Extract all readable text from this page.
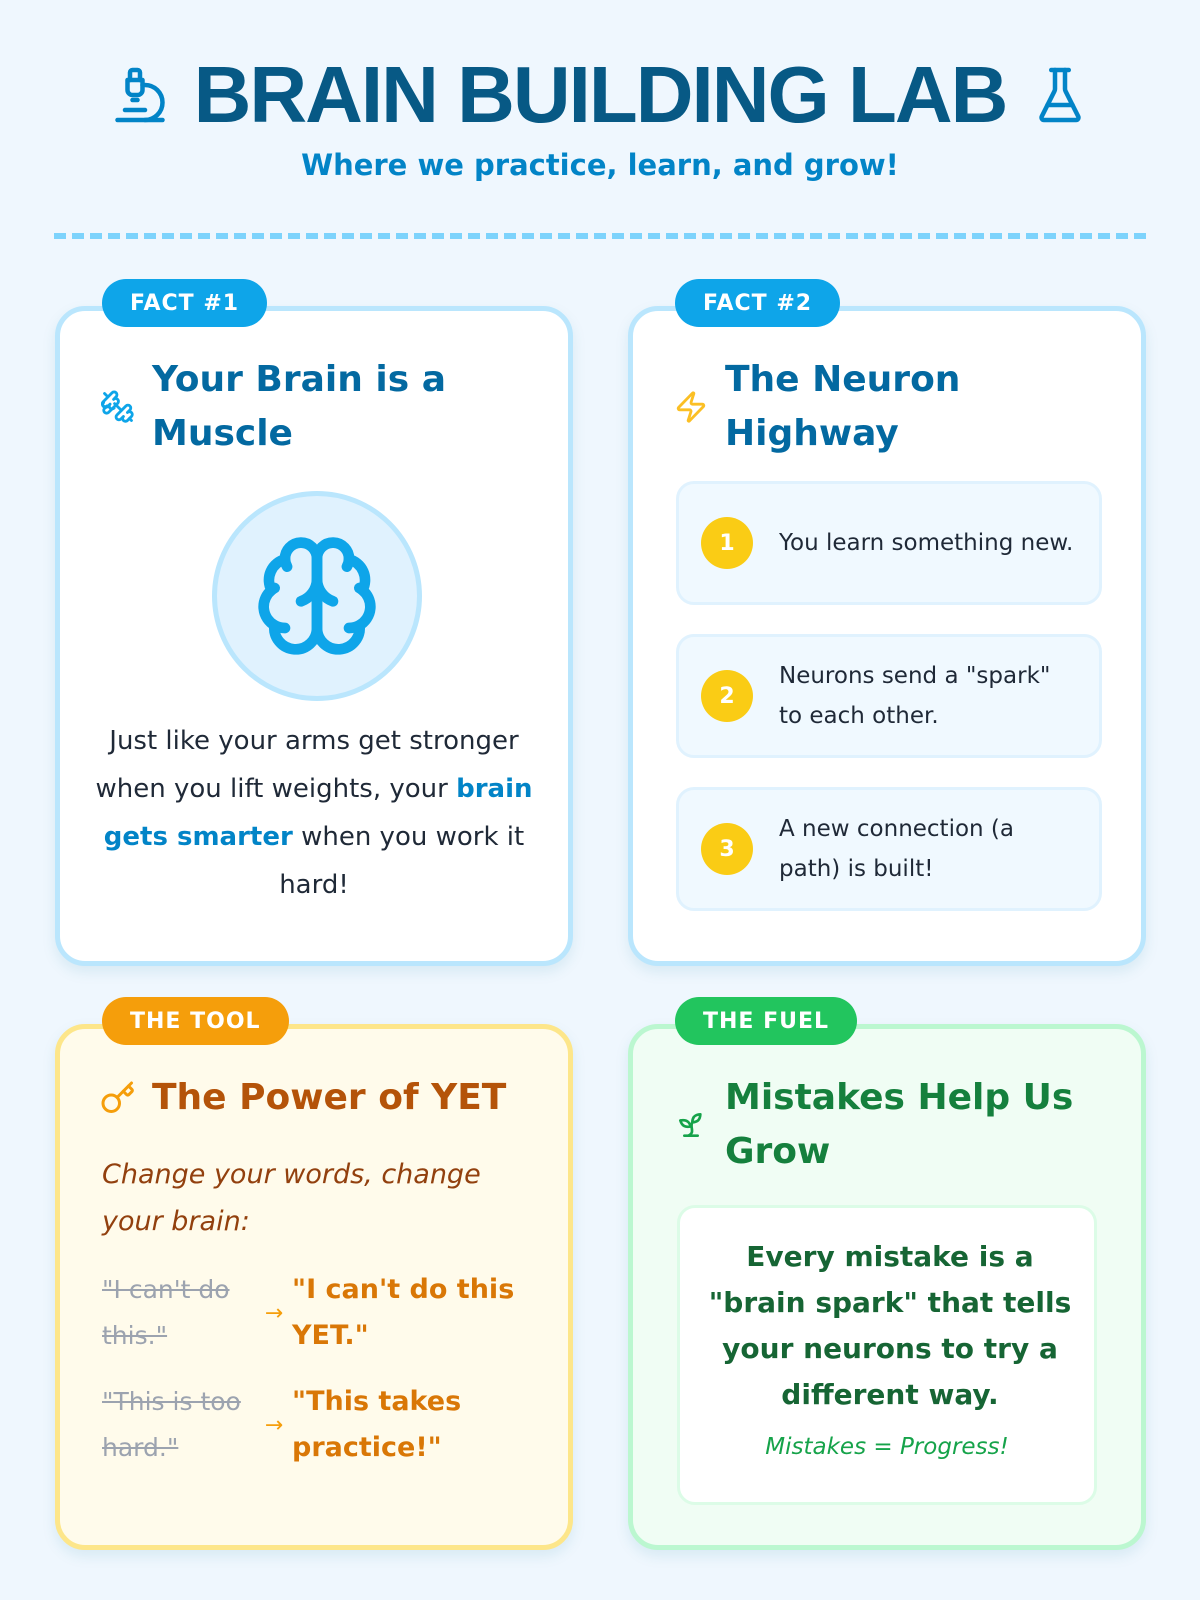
BRAIN BUILDING LAB
Where we practice, learn, and grow!
FACT #1
Your Brain is a Muscle

Just like your arms get stronger when you lift weights, your brain gets smarter when you work it hard!

FACT #2
The Neuron Highway
1	You learn something new.
2
Neurons send a "spark" to each other.
3
A new connection (a path) is built!
THE TOOL
The Power of YET

Change your words, change your brain:

"I can't do this."
→
"I can't do this YET."
"This is too hard."
→
"This takes practice!"
THE FUEL
Mistakes Help Us Grow

Every mistake is a "brain spark" that tells your neurons to try a different way.

Mistakes = Progress!
